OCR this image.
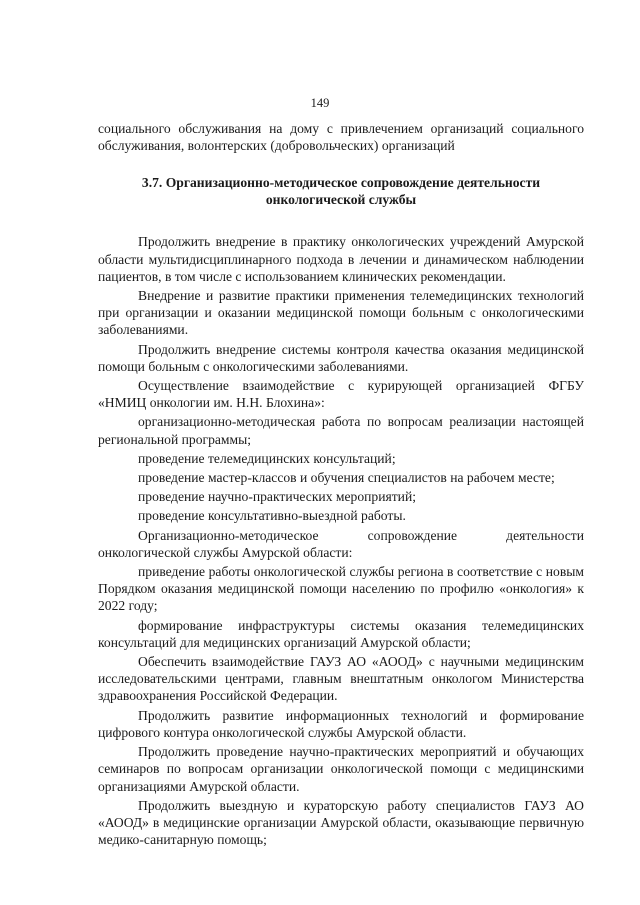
149

социального обслуживания на дому с привлечением организаций социального обслуживания, волонтерских (добровольческих) организаций

3.7. Организационно-методическое сопровождение деятельности
онкологической службы

Продолжить внедрение в практику онкологических учреждений Амурской области мультидисциплинарного подхода в лечении и динамическом наблюдении пациентов, в том числе с использованием клинических рекомендации.

Внедрение и развитие практики применения телемедицинских технологий при организации и оказании медицинской помощи больным с онкологическими заболеваниями.

Продолжить внедрение системы контроля качества оказания медицинской помощи больным с онкологическими заболеваниями.

Осуществление взаимодействие с курирующей организацией ФГБУ «НМИЦ онкологии им. Н.Н. Блохина»:

организационно-методическая работа по вопросам реализации настоящей региональной программы;

проведение телемедицинских консультаций;

проведение мастер-классов и обучения специалистов на рабочем месте;

проведение научно-практических мероприятий;

проведение консультативно-выездной работы.

Организационно-методическое сопровождение деятельности онкологической службы Амурской области:

приведение работы онкологической службы региона в соответствие с новым Порядком оказания медицинской помощи населению по профилю «онкология» к 2022 году;

формирование инфраструктуры системы оказания телемедицинских консультаций для медицинских организаций Амурской области;

Обеспечить взаимодействие ГАУЗ АО «АООД» с научными медицинским исследовательскими центрами, главным внештатным онкологом Министерства здравоохранения Российской Федерации.

Продолжить развитие информационных технологий и формирование цифрового контура онкологической службы Амурской области.

Продолжить проведение научно-практических мероприятий и обучающих семинаров по вопросам организации онкологической помощи с медицинскими организациями Амурской области.

Продолжить выездную и кураторскую работу специалистов ГАУЗ АО «АООД» в медицинские организации Амурской области, оказывающие первичную медико-санитарную помощь;
